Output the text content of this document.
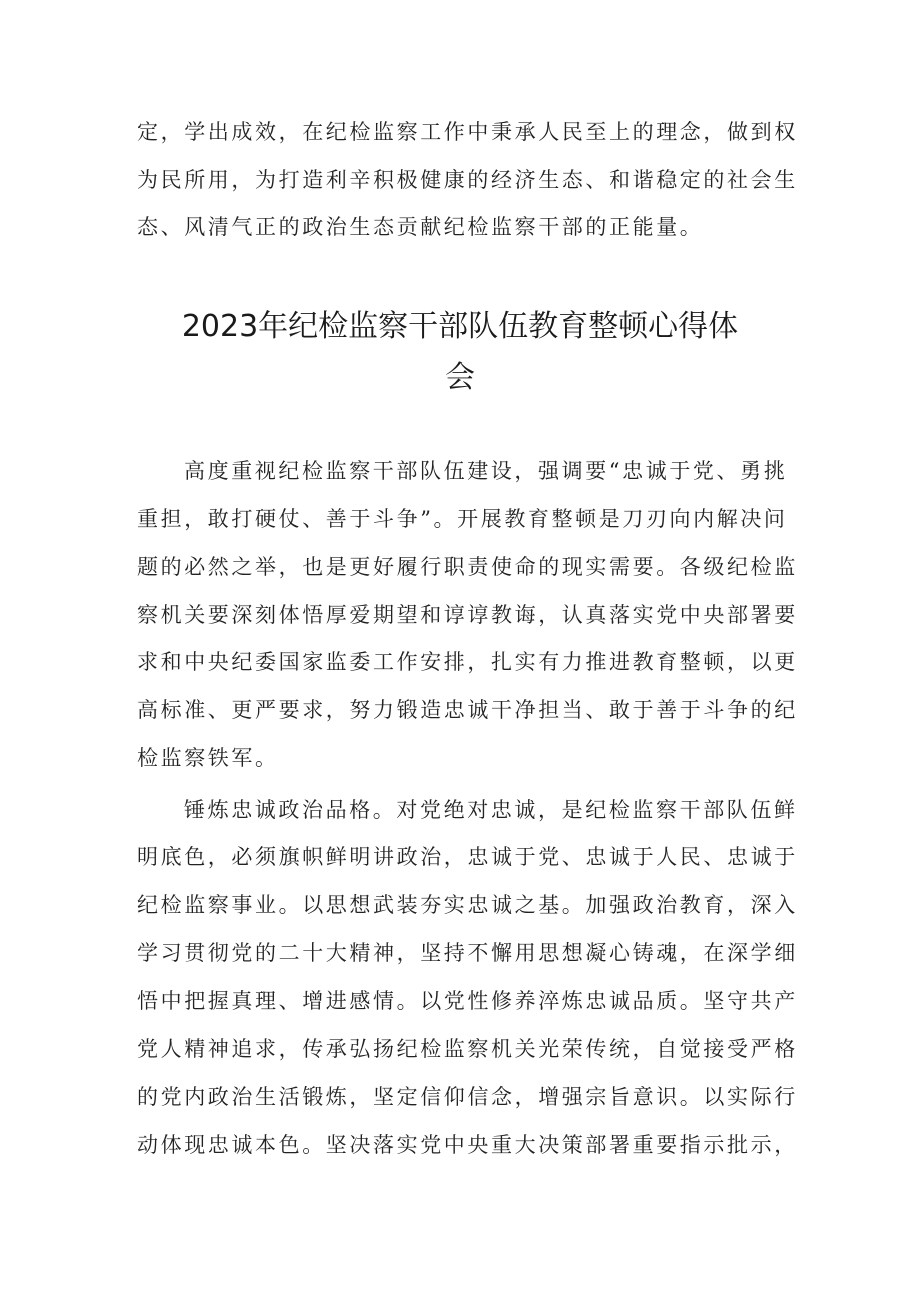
定，学出成效，在纪检监察工作中秉承人民至上的理念，做到权
为民所用，为打造利辛积极健康的经济生态、和谐稳定的社会生
态、风清气正的政治生态贡献纪检监察干部的正能量。
2023年纪检监察干部队伍教育整顿心得体
会
高度重视纪检监察干部队伍建设，强调要“忠诚于党、勇挑
重担，敢打硬仗、善于斗争”。开展教育整顿是刀刃向内解决问
题的必然之举，也是更好履行职责使命的现实需要。各级纪检监
察机关要深刻体悟厚爱期望和谆谆教诲，认真落实党中央部署要
求和中央纪委国家监委工作安排，扎实有力推进教育整顿，以更
高标准、更严要求，努力锻造忠诚干净担当、敢于善于斗争的纪
检监察铁军。
锤炼忠诚政治品格。对党绝对忠诚，是纪检监察干部队伍鲜
明底色，必须旗帜鲜明讲政治，忠诚于党、忠诚于人民、忠诚于
纪检监察事业。以思想武装夯实忠诚之基。加强政治教育，深入
学习贯彻党的二十大精神，坚持不懈用思想凝心铸魂，在深学细
悟中把握真理、增进感情。以党性修养淬炼忠诚品质。坚守共产
党人精神追求，传承弘扬纪检监察机关光荣传统，自觉接受严格
的党内政治生活锻炼，坚定信仰信念，增强宗旨意识。以实际行
动体现忠诚本色。坚决落实党中央重大决策部署重要指示批示，
